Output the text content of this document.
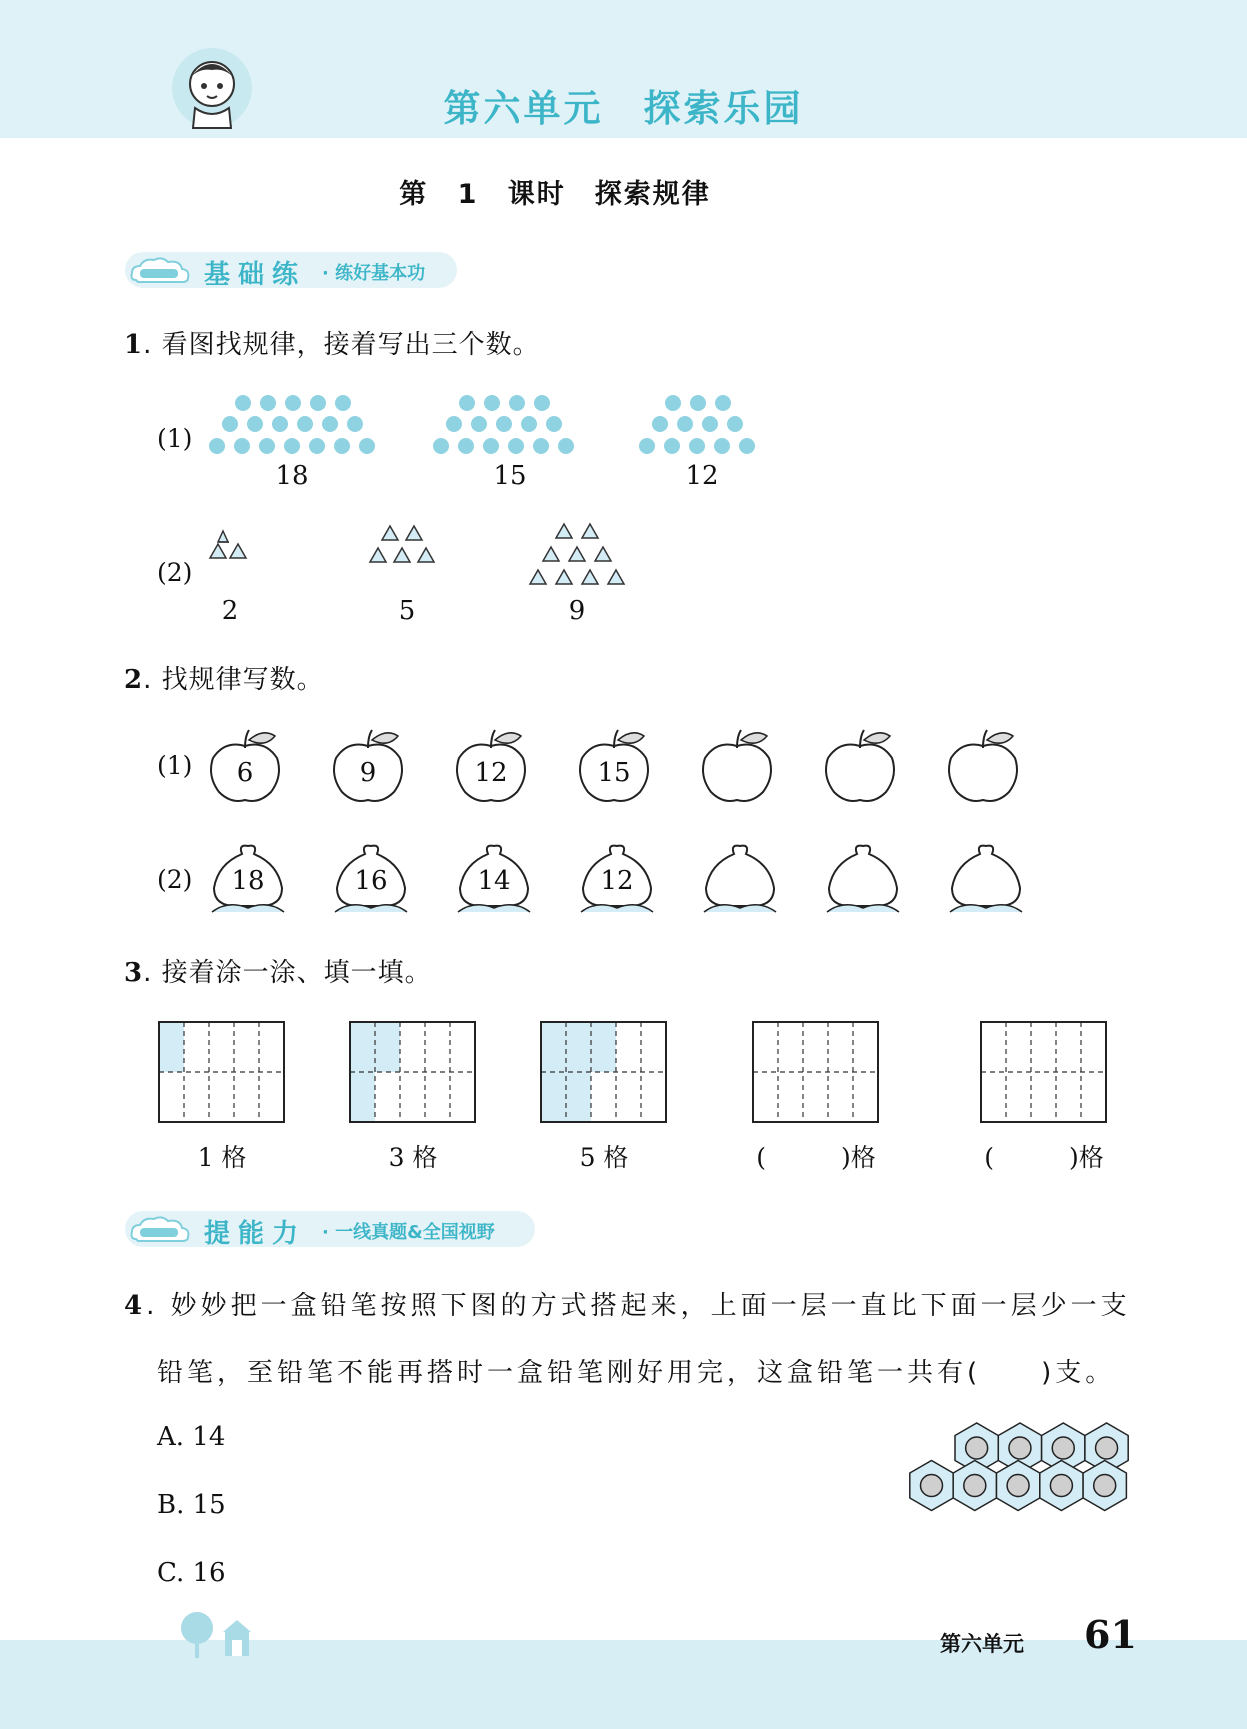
第六单元　探索乐园
第 1 课时　探索规律
基础练 · 练好基本功
1. 看图找规律，接着写出三个数。
(1)
18	15	12
(2)
2	5	9
2. 找规律写数。
(1)
(2)
6	9	12	15
18	16	14	12
3. 接着涂一涂、填一填。
1 格	3 格	5 格	(　　　)格	(　　　)格
提能力 · 一线真题&全国视野
4. 妙妙把一盒铅笔按照下图的方式搭起来，上面一层一直比下面一层少一支
铅笔，至铅笔不能再搭时一盒铅笔刚好用完，这盒铅笔一共有(　　)支。
A. 14
B. 15
C. 16
第六单元 61
